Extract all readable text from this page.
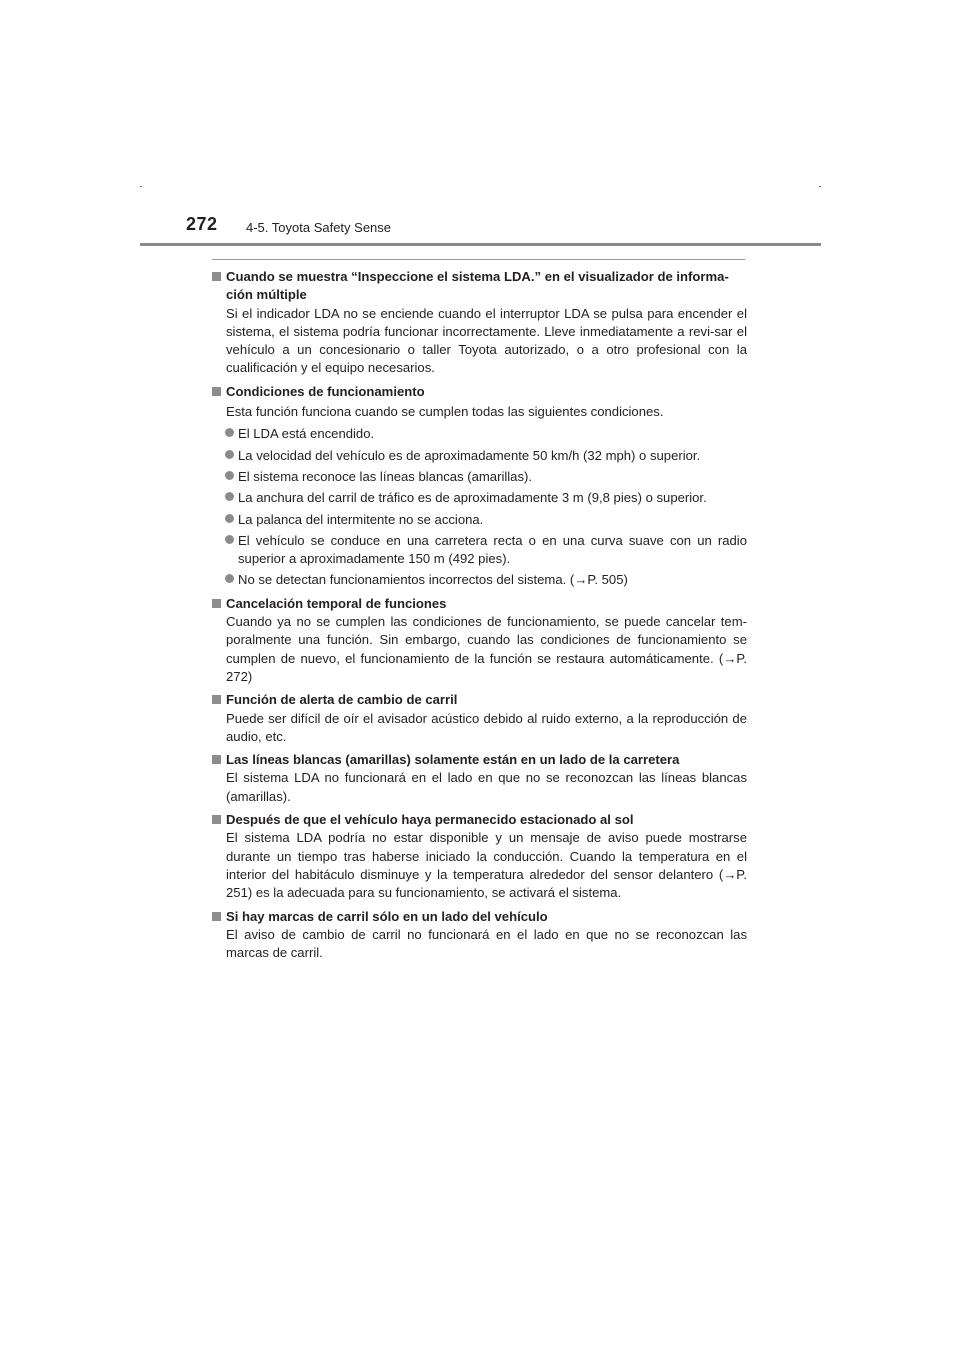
272 4-5. Toyota Safety Sense
Cuando se muestra “Inspeccione el sistema LDA.” en el visualizador de informa-ción múltiple
Si el indicador LDA no se enciende cuando el interruptor LDA se pulsa para encender el sistema, el sistema podría funcionar incorrectamente. Lleve inmediatamente a revi-sar el vehículo a un concesionario o taller Toyota autorizado, o a otro profesional con la cualificación y el equipo necesarios.
Condiciones de funcionamiento
Esta función funciona cuando se cumplen todas las siguientes condiciones.
El LDA está encendido.
La velocidad del vehículo es de aproximadamente 50 km/h (32 mph) o superior.
El sistema reconoce las líneas blancas (amarillas).
La anchura del carril de tráfico es de aproximadamente 3 m (9,8 pies) o superior.
La palanca del intermitente no se acciona.
El vehículo se conduce en una carretera recta o en una curva suave con un radio superior a aproximadamente 150 m (492 pies).
No se detectan funcionamientos incorrectos del sistema. (→P. 505)
Cancelación temporal de funciones
Cuando ya no se cumplen las condiciones de funcionamiento, se puede cancelar tem-poralmente una función. Sin embargo, cuando las condiciones de funcionamiento se cumplen de nuevo, el funcionamiento de la función se restaura automáticamente. (→P. 272)
Función de alerta de cambio de carril
Puede ser difícil de oír el avisador acústico debido al ruido externo, a la reproducción de audio, etc.
Las líneas blancas (amarillas) solamente están en un lado de la carretera
El sistema LDA no funcionará en el lado en que no se reconozcan las líneas blancas (amarillas).
Después de que el vehículo haya permanecido estacionado al sol
El sistema LDA podría no estar disponible y un mensaje de aviso puede mostrarse durante un tiempo tras haberse iniciado la conducción. Cuando la temperatura en el interior del habitáculo disminuye y la temperatura alrededor del sensor delantero (→P. 251) es la adecuada para su funcionamiento, se activará el sistema.
Si hay marcas de carril sólo en un lado del vehículo
El aviso de cambio de carril no funcionará en el lado en que no se reconozcan las marcas de carril.
